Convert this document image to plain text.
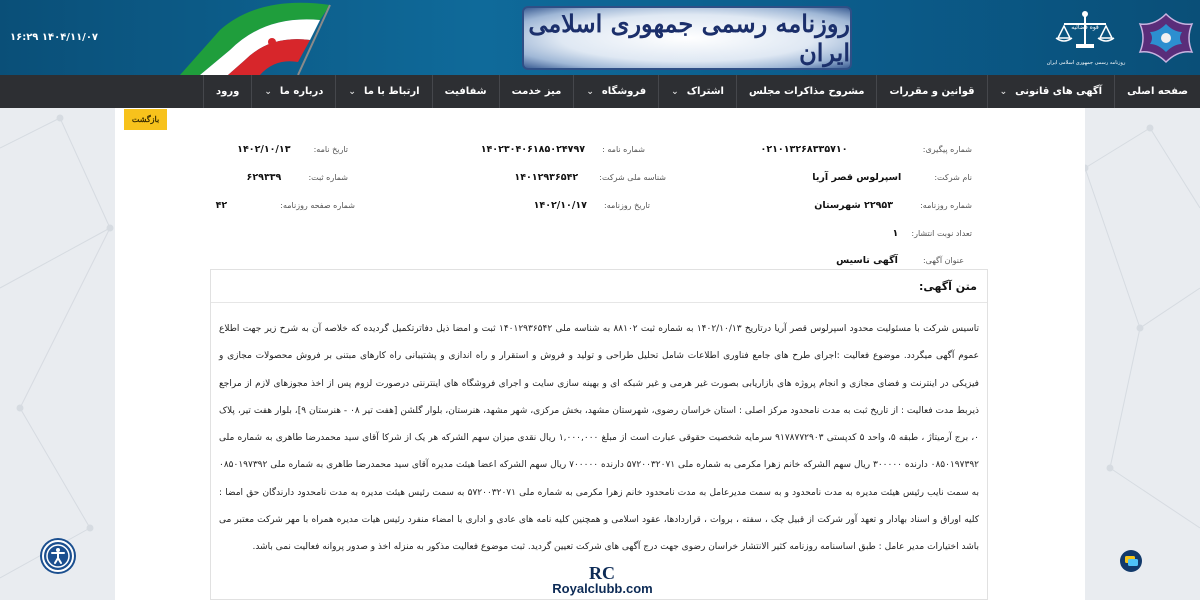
۱۶:۲۹ ۱۴۰۴/۱۱/۰۷	روزنامه رسمی جمهوری اسلامی ایران
قوه قضائیه
روزنامه رسمی جمهوری اسلامی ایران
صفحه اصلی
آگهی های قانونی
⌄
قوانین و مقررات
مشروح مذاکرات مجلس
اشتراک
⌄
فروشگاه
⌄
میز خدمت
شفافیت
ارتباط با ما
⌄
درباره ما
⌄
ورود
بازگشت
شماره پیگیری:   ۰۲۱۰۱۳۲۶۸۳۳۵۷۱۰
شماره نامه : ۱۴۰۲۳۰۴۰۶۱۸۵۰۲۴۷۹۷
تاریخ نامه: ۱۴۰۲/۱۰/۱۳
نام شرکت: اسپرلوس قصر آریا
شناسه ملی شرکت: ۱۴۰۱۲۹۳۶۵۴۲
شماره ثبت: ۶۲۹۳۳۹
شماره روزنامه: ۲۲۹۵۳ شهرستان
تاریخ روزنامه: ۱۴۰۲/۱۰/۱۷
شماره صفحه روزنامه: ۴۲
تعداد نوبت انتشار: ۱
عنوان آگهی: آگهی تاسیس
متن آگهی:
تاسیس شرکت با مسئولیت محدود اسپرلوس قصر آریا درتاریخ ۱۴۰۲/۱۰/۱۳ به شماره ثبت ۸۸۱۰۲ به شناسه ملی ۱۴۰۱۲۹۳۶۵۴۲ ثبت و امضا ذیل دفاترتکمیل گردیده که خلاصه آن به شرح زیر جهت اطلاع عموم آگهی میگردد. موضوع فعالیت :اجرای طرح های جامع فناوری اطلاعات شامل تحلیل طراحی و تولید و فروش و استقرار و راه اندازی و پشتیبانی راه کارهای مبتنی بر فروش محصولات مجازی و فیزیکی در اینترنت و فضای مجازی و انجام پروژه های بازاریابی بصورت غیر هرمی و غیر شبکه ای و بهینه سازی سایت و اجرای فروشگاه های اینترنتی درصورت لزوم پس از اخذ مجوزهای لازم از مراجع ذیربط مدت فعالیت : از تاریخ ثبت به مدت نامحدود مرکز اصلی : استان خراسان رضوی، شهرستان مشهد، بخش مرکزی، شهر مشهد، هنرستان، بلوار گلشن [هفت تیر ۰۸ - هنرستان ۹]، بلوار هفت تیر، پلاک ۰، برج آرمیتاژ ، طبقه ۵، واحد ۵ کدپستی ۹۱۷۸۷۷۲۹۰۳ سرمایه شخصیت حقوقی عبارت است از مبلغ ۱,۰۰۰,۰۰۰ ریال نقدی میزان سهم الشرکه هر یک از شرکا آقای سید محمدرضا طاهری به شماره ملی ۰۸۵۰۱۹۷۳۹۲ دارنده ۳۰۰۰۰۰ ریال سهم الشرکه خانم زهرا مکرمی به شماره ملی ۵۷۲۰۰۳۲۰۷۱ دارنده ۷۰۰۰۰۰ ریال سهم الشرکه اعضا هیئت مدیره آقای سید محمدرضا طاهری به شماره ملی ۰۸۵۰۱۹۷۳۹۲ به سمت نایب رئیس هیئت مدیره به مدت نامحدود و به سمت مدیرعامل به مدت نامحدود خانم زهرا مکرمی به شماره ملی ۵۷۲۰۰۳۲۰۷۱ به سمت رئیس هیئت مدیره به مدت نامحدود دارندگان حق امضا : کلیه اوراق و اسناد بهادار و تعهد آور شرکت از قبیل چک ، سفته ، بروات ، قراردادها، عقود اسلامی و همچنین کلیه نامه های عادی و اداری با امضاء منفرد رئیس هیات مدیره همراه با مهر شرکت معتبر می باشد اختیارات مدیر عامل : طبق اساسنامه روزنامه کثیر الانتشار خراسان رضوی جهت درج آگهی های شرکت تعیین گردید. ثبت موضوع فعالیت مذکور به منزله اخذ و صدور پروانه فعالیت نمی باشد.
RC
Royalclubb.com
